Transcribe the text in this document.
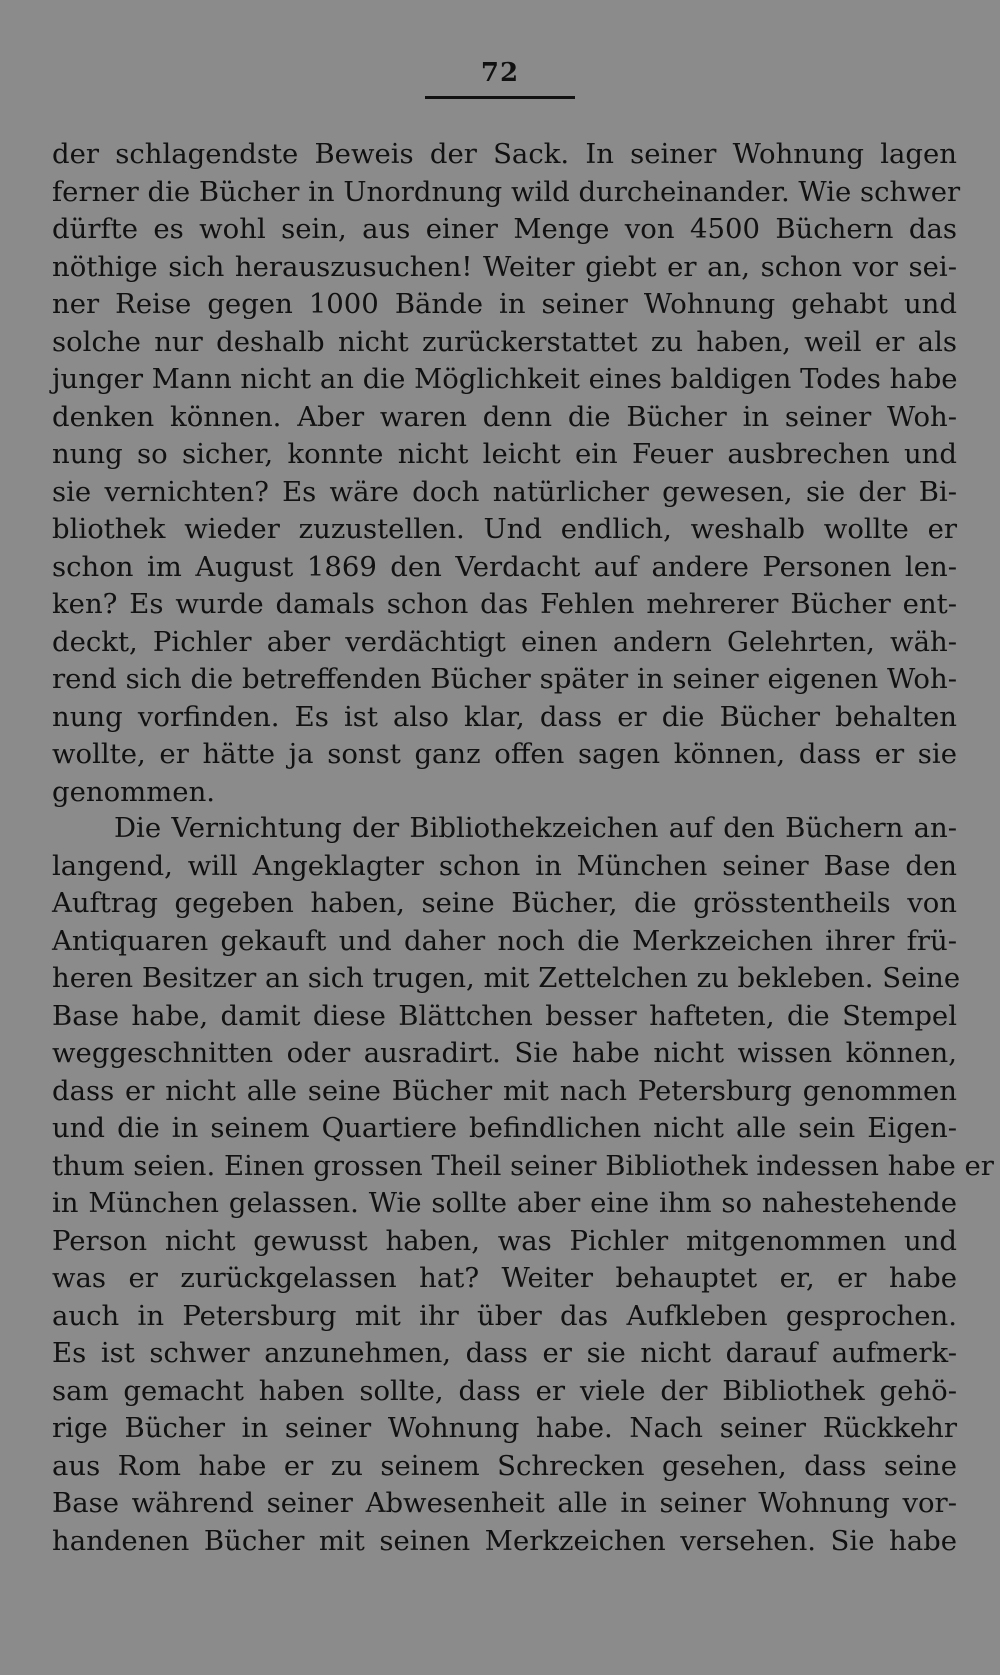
72
der schlagendste Beweis der Sack. In seiner Wohnung lagen
ferner die Bücher in Unordnung wild durcheinander. Wie schwer
dürfte es wohl sein, aus einer Menge von 4500 Büchern das
nöthige sich herauszusuchen! Weiter giebt er an, schon vor sei-
ner Reise gegen 1000 Bände in seiner Wohnung gehabt und
solche nur deshalb nicht zurückerstattet zu haben, weil er als
junger Mann nicht an die Möglichkeit eines baldigen Todes habe
denken können. Aber waren denn die Bücher in seiner Woh-
nung so sicher, konnte nicht leicht ein Feuer ausbrechen und
sie vernichten? Es wäre doch natürlicher gewesen, sie der Bi-
bliothek wieder zuzustellen. Und endlich, weshalb wollte er
schon im August 1869 den Verdacht auf andere Personen len-
ken? Es wurde damals schon das Fehlen mehrerer Bücher ent-
deckt, Pichler aber verdächtigt einen andern Gelehrten, wäh-
rend sich die betreffenden Bücher später in seiner eigenen Woh-
nung vorfinden. Es ist also klar, dass er die Bücher behalten
wollte, er hätte ja sonst ganz offen sagen können, dass er sie
genommen.
Die Vernichtung der Bibliothekzeichen auf den Büchern an-
langend, will Angeklagter schon in München seiner Base den
Auftrag gegeben haben, seine Bücher, die grösstentheils von
Antiquaren gekauft und daher noch die Merkzeichen ihrer frü-
heren Besitzer an sich trugen, mit Zettelchen zu bekleben. Seine
Base habe, damit diese Blättchen besser hafteten, die Stempel
weggeschnitten oder ausradirt. Sie habe nicht wissen können,
dass er nicht alle seine Bücher mit nach Petersburg genommen
und die in seinem Quartiere befindlichen nicht alle sein Eigen-
thum seien. Einen grossen Theil seiner Bibliothek indessen habe er
in München gelassen. Wie sollte aber eine ihm so nahestehende
Person nicht gewusst haben, was Pichler mitgenommen und
was er zurückgelassen hat? Weiter behauptet er, er habe
auch in Petersburg mit ihr über das Aufkleben gesprochen.
Es ist schwer anzunehmen, dass er sie nicht darauf aufmerk-
sam gemacht haben sollte, dass er viele der Bibliothek gehö-
rige Bücher in seiner Wohnung habe. Nach seiner Rückkehr
aus Rom habe er zu seinem Schrecken gesehen, dass seine
Base während seiner Abwesenheit alle in seiner Wohnung vor-
handenen Bücher mit seinen Merkzeichen versehen. Sie habe
